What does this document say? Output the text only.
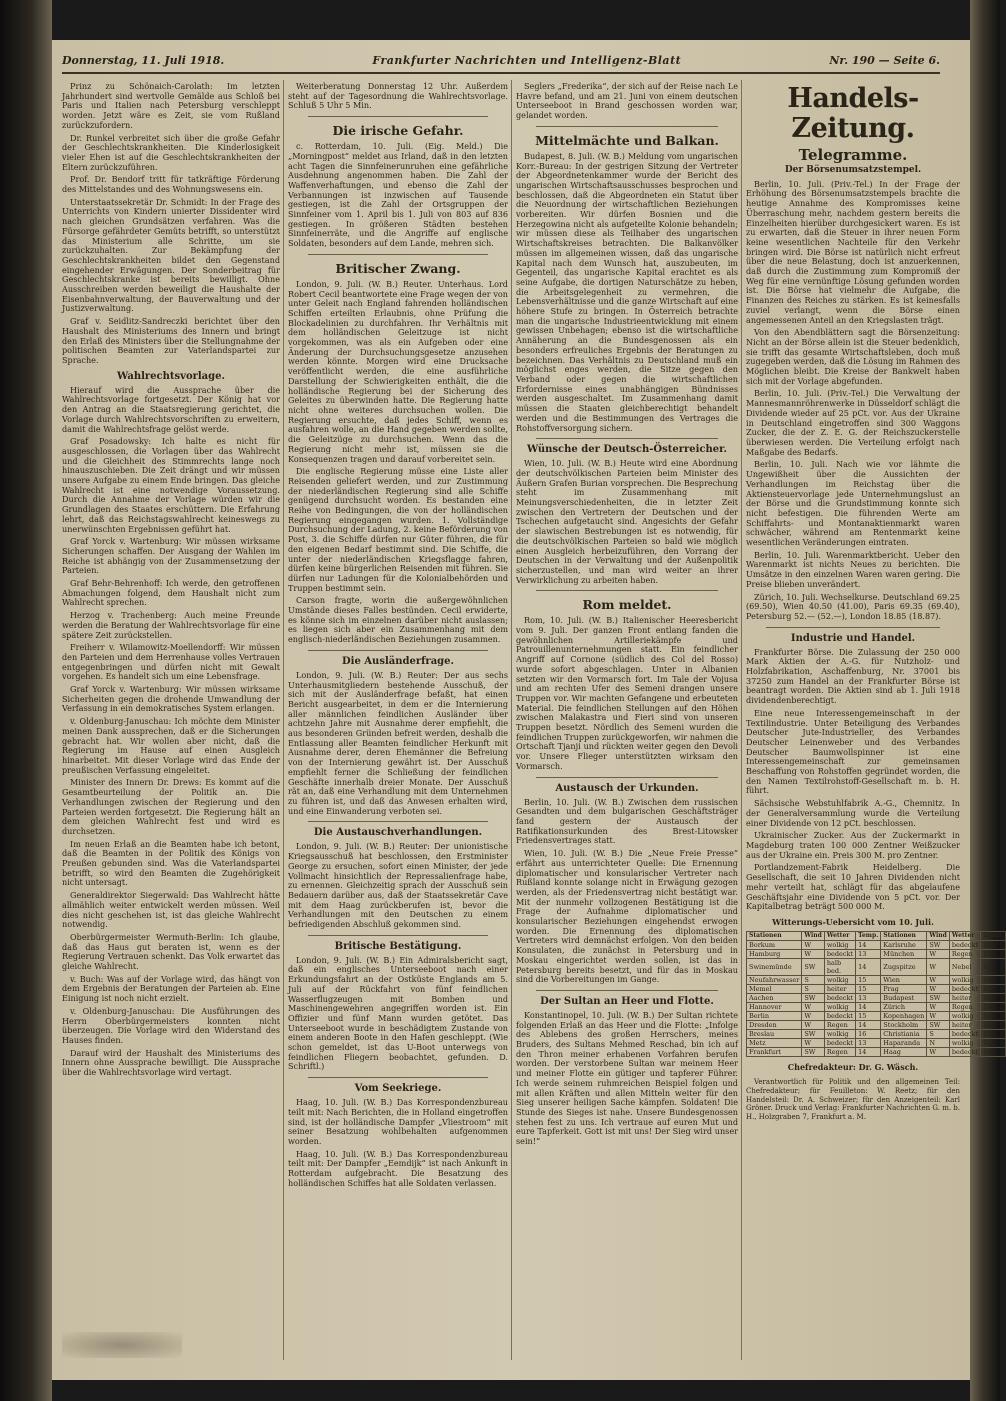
Donnerstag, 11. Juli 1918.	Frankfurter Nachrichten und Intelligenz-Blatt	Nr. 190 — Seite 6.

Prinz zu Schönaich-Carolath: Im letzten Jahrhundert sind wertvolle Gemälde aus Schloß bei Paris und Italien nach Petersburg verschleppt worden. Jetzt wäre es Zeit, sie vom Rußland zurückzufordern.

Dr. Runkel verbreitet sich über die große Gefahr der Geschlechtskrankheiten. Die Kinderlosigkeit vieler Ehen ist auf die Geschlechtskrankheiten der Eltern zurückzuführen.

Prof. Dr. Bendorf tritt für tatkräftige Förderung des Mittelstandes und des Wohnungswesens ein.

Unterstaatssekretär Dr. Schmidt: In der Frage des Unterrichts von Kindern unierter Dissidenter wird nach gleichen Grundsätzen verfahren. Was die Fürsorge gefährdeter Gemüts betrifft, so unterstützt das Ministerium alle Schritte, um sie zurückzuhalten. Zur Bekämpfung der Geschlechtskrankheiten bildet den Gegenstand eingehender Erwägungen. Der Sonderbeitrag für Geschlechtskranke ist bereits bewilligt. Ohne Ausschreiben werden beweiligt die Haushalte der Eisenbahnverwaltung, der Bauverwaltung und der Justizverwaltung.

Graf v. Seidlitz-Sandreczki berichtet über den Haushalt des Ministeriums des Innern und bringt den Erlaß des Ministers über die Stellungnahme der politischen Beamten zur Vaterlandspartei zur Sprache.

Wahlrechtsvorlage.

Hierauf wird die Aussprache über die Wahlrechtsvorlage fortgesetzt. Der König hat vor den Antrag an die Staatsregierung gerichtet, die Vorlage durch Wahlrechtsvorschriften zu erweitern, damit die Wahlrechtsfrage gelöst werde.

Graf Posadowsky: Ich halte es nicht für ausgeschlossen, die Vorlagen über das Wahlrecht und die Gleichheit des Stimmrechts lange noch hinauszuschieben. Die Zeit drängt und wir müssen unsere Aufgabe zu einem Ende bringen. Das gleiche Wahlrecht ist eine notwendige Voraussetzung. Durch die Annahme der Vorlage würden wir die Grundlagen des Staates erschüttern. Die Erfahrung lehrt, daß das Reichstagswahlrecht keineswegs zu unerwünschten Ergebnissen geführt hat.

Graf Yorck v. Wartenburg: Wir müssen wirksame Sicherungen schaffen. Der Ausgang der Wahlen im Reiche ist abhängig von der Zusammensetzung der Parteien.

Graf Behr-Behrenhoff: Ich werde, den getroffenen Abmachungen folgend, dem Haushalt nicht zum Wahlrecht sprechen.

Herzog v. Trachenberg: Auch meine Freunde werden die Beratung der Wahlrechtsvorlage für eine spätere Zeit zurückstellen.

Freiherr v. Wilamowitz-Moellendorff: Wir müssen den Parteien und dem Herrenhause volles Vertrauen entgegenbringen und dürfen nicht mit Gewalt vorgehen. Es handelt sich um eine Lebensfrage.

Graf Yorck v. Wartenburg: Wir müssen wirksame Sicherheiten gegen die drohende Umwandlung der Verfassung in ein demokratisches System erlangen.

v. Oldenburg-Januschau: Ich möchte dem Minister meinen Dank aussprechen, daß er die Sicherungen gebracht hat. Wir wollen aber nicht, daß die Regierung im Hause auf einen Ausgleich hinarbeitet. Mit dieser Vorlage wird das Ende der preußischen Verfassung eingeleitet.

Minister des Innern Dr. Drews: Es kommt auf die Gesamtbeurteilung der Politik an. Die Verhandlungen zwischen der Regierung und den Parteien werden fortgesetzt. Die Regierung hält an dem gleichen Wahlrecht fest und wird es durchsetzen.

Im neuen Erlaß an die Beamten habe ich betont, daß die Beamten in der Politik des Königs von Preußen gebunden sind. Was die Vaterlandspartei betrifft, so wird den Beamten die Zugehörigkeit nicht untersagt.

Generaldirektor Siegerwald: Das Wahlrecht hätte allmählich weiter entwickelt werden müssen. Weil dies nicht geschehen ist, ist das gleiche Wahlrecht notwendig.

Oberbürgermeister Wermuth-Berlin: Ich glaube, daß das Haus gut beraten ist, wenn es der Regierung Vertrauen schenkt. Das Volk erwartet das gleiche Wahlrecht.

v. Buch: Was auf der Vorlage wird, das hängt von dem Ergebnis der Beratungen der Parteien ab. Eine Einigung ist noch nicht erzielt.

v. Oldenburg-Januschau: Die Ausführungen des Herrn Oberbürgermeisters konnten nicht überzeugen. Die Vorlage wird den Widerstand des Hauses finden.

Darauf wird der Haushalt des Ministeriums des Innern ohne Aussprache bewilligt. Die Aussprache über die Wahlrechtsvorlage wird vertagt.

Weiterberatung Donnerstag 12 Uhr. Außerdem steht auf der Tagesordnung die Wahlrechtsvorlage. Schluß 5 Uhr 5 Min.

Die irische Gefahr.

c. Rotterdam, 10. Juli. (Eig. Meld.) Die „Morningpost“ meldet aus Irland, daß in den letzten acht Tagen die Sinnfeinerunruhen eine gefährliche Ausdehnung angenommen haben. Die Zahl der Waffenverhaftungen, und ebenso die Zahl der Verbannungen ist inzwischen auf Tausende gestiegen, ist die Zahl der Ortsgruppen der Sinnfeiner vom 1. April bis 1. Juli von 803 auf 836 gestiegen. In größeren Städten bestehen Sinnfeinerräte, und die Angriffe auf englische Soldaten, besonders auf dem Lande, mehren sich.

Britischer Zwang.

London, 9. Juli. (W. B.) Reuter. Unterhaus. Lord Robert Cecil beantwortete eine Frage wegen der von unter Geleit nach England fahrenden holländischen Schiffen erteilten Erlaubnis, ohne Prüfung die Blockadelinien zu durchfahren. Ihr Verhältnis mit dem holländischen Geleitzuge ist nicht vorgekommen, was als ein Aufgeben oder eine Änderung der Durchsuchungsgesetze anzusehen werden könnte. Morgen wird eine Drucksache veröffentlicht werden, die eine ausführliche Darstellung der Schwierigkeiten enthält, die die holländische Regierung bei der Sicherung des Geleites zu überwinden hatte. Die Regierung hatte nicht ohne weiteres durchsuchen wollen. Die Regierung ersuchte, daß jedes Schiff, wenn es ausfahren wolle, an die Hand gegeben werden sollte, die Geleitzüge zu durchsuchen. Wenn das die Regierung nicht mehr ist, müssen sie die Konsequenzen tragen und darauf vorbereitet sein.

Die englische Regierung müsse eine Liste aller Reisenden geliefert werden, und zur Zustimmung der niederländischen Regierung sind alle Schiffe genügend durchsucht worden. Es bestanden eine Reihe von Bedingungen, die von der holländischen Regierung eingegangen wurden. 1. Vollständige Durchsuchung der Ladung, 2. keine Beförderung von Post, 3. die Schiffe dürfen nur Güter führen, die für den eigenen Bedarf bestimmt sind. Die Schiffe, die unter der niederländischen Kriegsflagge fahren, dürfen keine bürgerlichen Reisenden mit führen. Sie dürfen nur Ladungen für die Kolonialbehörden und Truppen bestimmt sein.

Carson fragte, worin die außergewöhnlichen Umstände dieses Falles bestünden. Cecil erwiderte, es könne sich im einzelnen darüber nicht auslassen; es liegen sich aber ein Zusammenhang mit dem englisch-niederländischen Beziehungen zusammen.

Die Ausländerfrage.

London, 9. Juli. (W. B.) Reuter: Der aus sechs Unterhausmitgliedern bestehende Ausschuß, der sich mit der Ausländerfrage befaßt, hat einen Bericht ausgearbeitet, in dem er die Internierung aller männlichen feindlichen Ausländer über achtzehn Jahre mit Ausnahme derer empfiehlt, die aus besonderen Gründen befreit werden, deshalb die Entlassung aller Beamten feindlicher Herkunft mit Ausnahme derer, deren Ehemänner die Befreiung von der Internierung gewährt ist. Der Ausschuß empfiehlt ferner die Schließung der feindlichen Geschäfte innerhalb dreier Monate. Der Ausschuß rät an, daß eine Verhandlung mit dem Unternehmen zu führen ist, und daß das Anwesen erhalten wird, und eine Einwanderung verboten sei.

Die Austauschverhandlungen.

London, 9. Juli. (W. B.) Reuter: Der unionistische Kriegsausschuß hat beschlossen, den Erstminister George zu ersuchen, sofort einen Minister, der jede Vollmacht hinsichtlich der Repressalienfrage habe, zu ernennen. Gleichzeitig sprach der Ausschuß sein Bedauern darüber aus, daß der Staatssekretär Cave mit dem Haag zurückberufen ist, bevor die Verhandlungen mit den Deutschen zu einem befriedigenden Abschluß gekommen sind.

Britische Bestätigung.

London, 9. Juli. (W. B.) Ein Admiralsbericht sagt, daß ein englisches Unterseeboot nach einer Erkundungsfahrt an der Ostküste Englands am 5. Juli auf der Rückfahrt von fünf feindlichen Wasserflugzeugen mit Bomben und Maschinengewehren angegriffen worden ist. Ein Offizier und fünf Mann wurden getötet. Das Unterseeboot wurde in beschädigtem Zustande von einem anderen Boote in den Hafen geschleppt. (Wie schon gemeldet, ist das U-Boot unterwegs von feindlichen Fliegern beobachtet, gefunden. D. Schriftl.)

Vom Seekriege.

Haag, 10. Juli. (W. B.) Das Korrespondenzbureau teilt mit: Nach Berichten, die in Holland eingetroffen sind, ist der holländische Dampfer „Vliestroom“ mit seiner Besatzung wohlbehalten aufgenommen worden.

Haag, 10. Juli. (W. B.) Das Korrespondenzbureau teilt mit: Der Dampfer „Eemdijk“ ist nach Ankunft in Rotterdam aufgebracht. Die Besatzung des holländischen Schiffes hat alle Soldaten verlassen.

Seglers „Frederika“, der sich auf der Reise nach Le Havre befand, und am 21. Juni von einem deutschen Unterseeboot in Brand geschossen worden war, gelandet worden.

Mittelmächte und Balkan.

Budapest, 8. Juli. (W. B.) Meldung vom ungarischen Korr.-Bureau: In der gestrigen Sitzung der Vertreter der Abgeordnetenkammer wurde der Bericht des ungarischen Wirtschaftsausschusses besprochen und beschlossen, daß die Abgeordneten ein Statut über die Neuordnung der wirtschaftlichen Beziehungen vorbereiten. Wir dürfen Bosnien und die Herzegowina nicht als aufgeteilte Kolonie behandeln; wir müssen diese als Teilhaber des ungarischen Wirtschaftskreises betrachten. Die Balkanvölker müssen im allgemeinen wissen, daß das ungarische Kapital nach dem Wunsch hat, auszubeuten, im Gegenteil, das ungarische Kapital erachtet es als seine Aufgabe, die dortigen Naturschätze zu heben, die Arbeitsgelegenheit zu vermehren, die Lebensverhältnisse und die ganze Wirtschaft auf eine höhere Stufe zu bringen. In Österreich betrachte man die ungarische Industrieentwicklung mit einem gewissen Unbehagen; ebenso ist die wirtschaftliche Annäherung an die Bundesgenossen als ein besonders erfreuliches Ergebnis der Beratungen zu bezeichnen. Das Verhältnis zu Deutschland muß ein möglichst enges werden, die Sitze gegen den Verband oder gegen die wirtschaftlichen Erfordernisse eines unabhängigen Bündnisses werden ausgeschaltet. Im Zusammenhang damit müssen die Staaten gleichberechtigt behandelt werden und die Bestimmungen des Vertrages die Rohstoffversorgung sichern.

Wünsche der Deutsch-Österreicher.

Wien, 10. Juli. (W. B.) Heute wird eine Abordnung der deutschvölkischen Parteien beim Minister des Äußern Grafen Burian vorsprechen. Die Besprechung steht im Zusammenhang mit Meinungsverschiedenheiten, die in letzter Zeit zwischen den Vertretern der Deutschen und der Tschechen aufgetaucht sind. Angesichts der Gefahr der slawischen Bestrebungen ist es notwendig, für die deutschvölkischen Parteien so bald wie möglich einen Ausgleich herbeizuführen, den Vorrang der Deutschen in der Verwaltung und der Außenpolitik sicherzustellen, und man wird weiter an ihrer Verwirklichung zu arbeiten haben.

Rom meldet.

Rom, 10. Juli. (W. B.) Italienischer Heeresbericht vom 9. Juli. Der ganzen Front entlang fanden die gewöhnlichen Artilleriekämpfe und Patrouillenunternehmungen statt. Ein feindlicher Angriff auf Cornone (südlich des Col del Rosso) wurde sofort abgeschlagen. Unter in Albanien setzten wir den Vormarsch fort. Im Tale der Vojusa und am rechten Ufer des Semeni drangen unsere Truppen vor. Wir machten Gefangene und erbeuteten Material. Die feindlichen Stellungen auf den Höhen zwischen Malakastra und Fieri sind von unseren Truppen besetzt. Nördlich des Semeni wurden die feindlichen Truppen zurückgeworfen, wir nahmen die Ortschaft Tjanji und rückten weiter gegen den Devoli vor. Unsere Flieger unterstützten wirksam den Vormarsch.

Austausch der Urkunden.

Berlin, 10. Juli. (W. B.) Zwischen dem russischen Gesandten und dem bulgarischen Geschäftsträger fand gestern der Austausch der Ratifikationsurkunden des Brest-Litowsker Friedensvertrages statt.

Wien, 10. Juli. (W. B.) Die „Neue Freie Presse“ erfährt aus unterrichteter Quelle: Die Ernennung diplomatischer und konsularischer Vertreter nach Rußland konnte solange nicht in Erwägung gezogen werden, als der Friedensvertrag nicht bestätigt war. Mit der nunmehr vollzogenen Bestätigung ist die Frage der Aufnahme diplomatischer und konsularischer Beziehungen eingehendst erwogen worden. Die Ernennung des diplomatischen Vertreters wird demnächst erfolgen. Von den beiden Konsulaten, die zunächst in Petersburg und in Moskau eingerichtet werden sollen, ist das in Petersburg bereits besetzt, und für das in Moskau sind die Vorbereitungen im Gange.

Der Sultan an Heer und Flotte.

Konstantinopel, 10. Juli. (W. B.) Der Sultan richtete folgenden Erlaß an das Heer und die Flotte: „Infolge des Ablebens des großen Herrschers, meines Bruders, des Sultans Mehmed Reschad, bin ich auf den Thron meiner erhabenen Vorfahren berufen worden. Der verstorbene Sultan war meinem Heer und meiner Flotte ein gütiger und tapferer Führer. Ich werde seinem ruhmreichen Beispiel folgen und mit allen Kräften und allen Mitteln weiter für den Sieg unserer heiligen Sache kämpfen. Soldaten! Die Stunde des Sieges ist nahe. Unsere Bundesgenossen stehen fest zu uns. Ich vertraue auf euren Mut und eure Tapferkeit. Gott ist mit uns! Der Sieg wird unser sein!“

Handels-Zeitung.
Telegramme.
Der Börsenumsatzstempel.

Berlin, 10. Juli. (Priv.-Tel.) In der Frage der Erhöhung des Börsenumsatzstempels brachte die heutige Annahme des Kompromisses keine Überraschung mehr, nachdem gestern bereits die Einzelheiten hierüber durchgesickert waren. Es ist zu erwarten, daß die Steuer in ihrer neuen Form keine wesentlichen Nachteile für den Verkehr bringen wird. Die Börse ist natürlich nicht erfreut über die neue Belastung, doch ist anzuerkennen, daß durch die Zustimmung zum Kompromiß der Weg für eine vernünftige Lösung gefunden worden ist. Die Börse hat vielmehr die Aufgabe, die Finanzen des Reiches zu stärken. Es ist keinesfalls zuviel verlangt, wenn die Börse einen angemessenen Anteil an den Kriegslasten trägt.

Von den Abendblättern sagt die Börsenzeitung: Nicht an der Börse allein ist die Steuer bedenklich, sie trifft das gesamte Wirtschaftsleben, doch muß zugegeben werden, daß die Lösung im Rahmen des Möglichen bleibt. Die Kreise der Bankwelt haben sich mit der Vorlage abgefunden.

Berlin, 10. Juli. (Priv.-Tel.) Die Verwaltung der Mannesmannröhrenwerke in Düsseldorf schlägt die Dividende wieder auf 25 pCt. vor. Aus der Ukraine in Deutschland eingetroffen sind 300 Waggons Zucker, die der Z. E. G. der Reichszuckerstelle überwiesen werden. Die Verteilung erfolgt nach Maßgabe des Bedarfs.

Berlin, 10. Juli. Nach wie vor lähmte die Ungewißheit über die Aussichten der Verhandlungen im Reichstag über die Aktiensteuervorlage jede Unternehmungslust an der Börse und die Grundstimmung konnte sich nicht befestigen. Die führenden Werte am Schiffahrts- und Montanaktienmarkt waren schwächer, während am Rentenmarkt keine wesentlichen Veränderungen eintraten.

Berlin, 10. Juli. Warenmarktbericht. Ueber den Warenmarkt ist nichts Neues zu berichten. Die Umsätze in den einzelnen Waren waren gering. Die Preise blieben unverändert.

Zürich, 10. Juli. Wechselkurse. Deutschland 69.25 (69.50), Wien 40.50 (41.00), Paris 69.35 (69.40), Petersburg 52.— (52.—), London 18.85 (18.87).

Industrie und Handel.

Frankfurter Börse. Die Zulassung der 250 000 Mark Aktien der A.-G. für Nutzholz- und Holzfabrikation, Aschaffenburg, Nr. 37001 bis 37250 zum Handel an der Frankfurter Börse ist beantragt worden. Die Aktien sind ab 1. Juli 1918 dividendenberechtigt.

Eine neue Interessengemeinschaft in der Textilindustrie. Unter Beteiligung des Verbandes Deutscher Jute-Industrieller, des Verbandes Deutscher Leinenweber und des Verbandes Deutscher Baumwollspinner ist eine Interessengemeinschaft zur gemeinsamen Beschaffung von Rohstoffen gegründet worden, die den Namen Textilrohstoff-Gesellschaft m. b. H. führt.

Sächsische Webstuhlfabrik A.-G., Chemnitz. In der Generalversammlung wurde die Verteilung einer Dividende von 12 pCt. beschlossen.

Ukrainischer Zucker. Aus der Zuckermarkt in Magdeburg traten 100 000 Zentner Weißzucker aus der Ukraine ein. Preis 300 M. pro Zentner.

Portlandzement-Fabrik Heidelberg. Die Gesellschaft, die seit 10 Jahren Dividenden nicht mehr verteilt hat, schlägt für das abgelaufene Geschäftsjahr eine Dividende von 5 pCt. vor. Der Kapitalbetrag beträgt 500 000 M.

Witterungs-Uebersicht vom 10. Juli.
Stationen	Wind	Wetter	Temp.	Stationen	Wind	Wetter	Temp.
Borkum	W	wolkig	14	Karlsruhe	SW	bedeckt	16
Hamburg	W	bedeckt	13	München	W	Regen	13
Swinemünde	SW	halb bed.	14	Zugspitze	W	Nebel	1
Neufahrwasser	S	wolkig	15	Wien	W	wolkig	15
Memel	S	heiter	15	Prag	W	bedeckt	14
Aachen	SW	bedeckt	13	Budapest	SW	heiter	18
Hannover	W	wolkig	14	Zürich	W	Regen	12
Berlin	W	bedeckt	15	Kopenhagen	W	wolkig	14
Dresden	W	Regen	14	Stockholm	SW	heiter	16
Breslau	SW	wolkig	16	Christiania	S	bedeckt	13
Metz	W	bedeckt	13	Haparanda	N	wolkig	10
Frankfurt	SW	Regen	14	Haag	W	bedeckt	14
Chefredakteur: Dr. G. Wäsch.

Verantwortlich für Politik und den allgemeinen Teil: Chefredakteur; für Feuilleton: W. Reetz; für den Handelsteil: Dr. A. Schweizer; für den Anzeigenteil: Karl Gröner. Druck und Verlag: Frankfurter Nachrichten G. m. b. H., Holzgraben 7, Frankfurt a. M.
